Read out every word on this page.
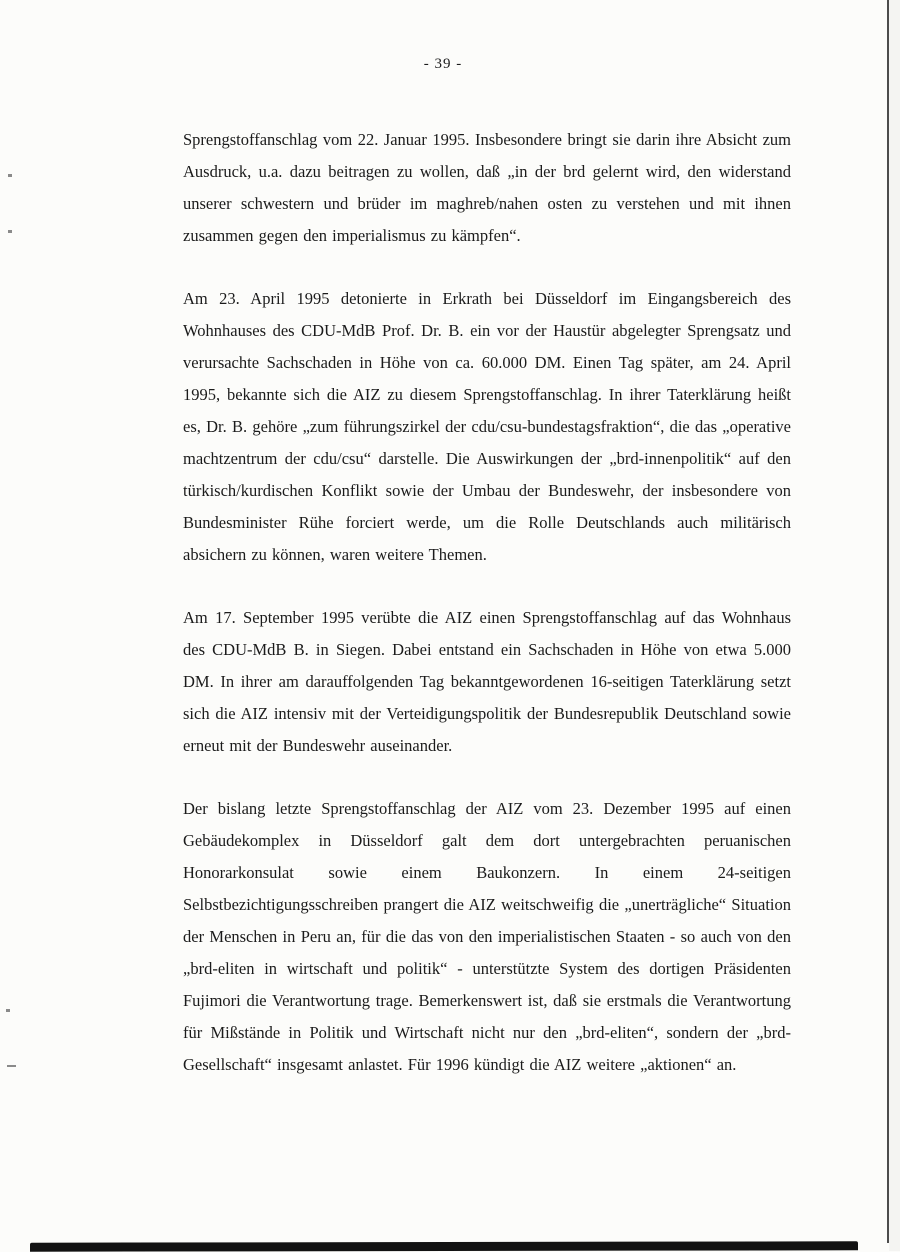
- 39 -

Sprengstoffanschlag vom 22. Januar 1995. Insbesondere bringt sie darin ihre Absicht zum Ausdruck, u.a. dazu beitragen zu wollen, daß „in der brd gelernt wird, den widerstand unserer schwestern und brüder im maghreb/nahen osten zu verstehen und mit ihnen zusammen gegen den imperialismus zu kämpfen“.

Am 23. April 1995 detonierte in Erkrath bei Düsseldorf im Eingangsbereich des Wohnhauses des CDU-MdB Prof. Dr. B. ein vor der Haustür abgelegter Sprengsatz und verursachte Sachschaden in Höhe von ca. 60.000 DM. Einen Tag später, am 24. April 1995, bekannte sich die AIZ zu diesem Sprengstoffanschlag. In ihrer Taterklärung heißt es, Dr. B. gehöre „zum führungszirkel der cdu/csu-bundestagsfraktion“, die das „operative machtzentrum der cdu/csu“ darstelle. Die Auswirkungen der „brd-innenpolitik“ auf den türkisch/kurdischen Konflikt sowie der Umbau der Bundeswehr, der insbesondere von Bundesminister Rühe forciert werde, um die Rolle Deutschlands auch militärisch absichern zu können, waren weitere Themen.

Am 17. September 1995 verübte die AIZ einen Sprengstoffanschlag auf das Wohnhaus des CDU-MdB B. in Siegen. Dabei entstand ein Sachschaden in Höhe von etwa 5.000 DM. In ihrer am darauffolgenden Tag bekanntgewordenen 16-seitigen Taterklärung setzt sich die AIZ intensiv mit der Verteidigungspolitik der Bundesrepublik Deutschland sowie erneut mit der Bundeswehr auseinander.

Der bislang letzte Sprengstoffanschlag der AIZ vom 23. Dezember 1995 auf einen Gebäudekomplex in Düsseldorf galt dem dort untergebrachten peruanischen Honorarkonsulat sowie einem Baukonzern. In einem 24-seitigen Selbstbezichtigungsschreiben prangert die AIZ weitschweifig die „unerträgliche“ Situation der Menschen in Peru an, für die das von den imperialistischen Staaten - so auch von den „brd-eliten in wirtschaft und politik“ - unterstützte System des dortigen Präsidenten Fujimori die Verantwortung trage. Bemerkenswert ist, daß sie erstmals die Verantwortung für Mißstände in Politik und Wirtschaft nicht nur den „brd-eliten“, sondern der „brd-Gesellschaft“ insgesamt anlastet. Für 1996 kündigt die AIZ weitere „aktionen“ an.
